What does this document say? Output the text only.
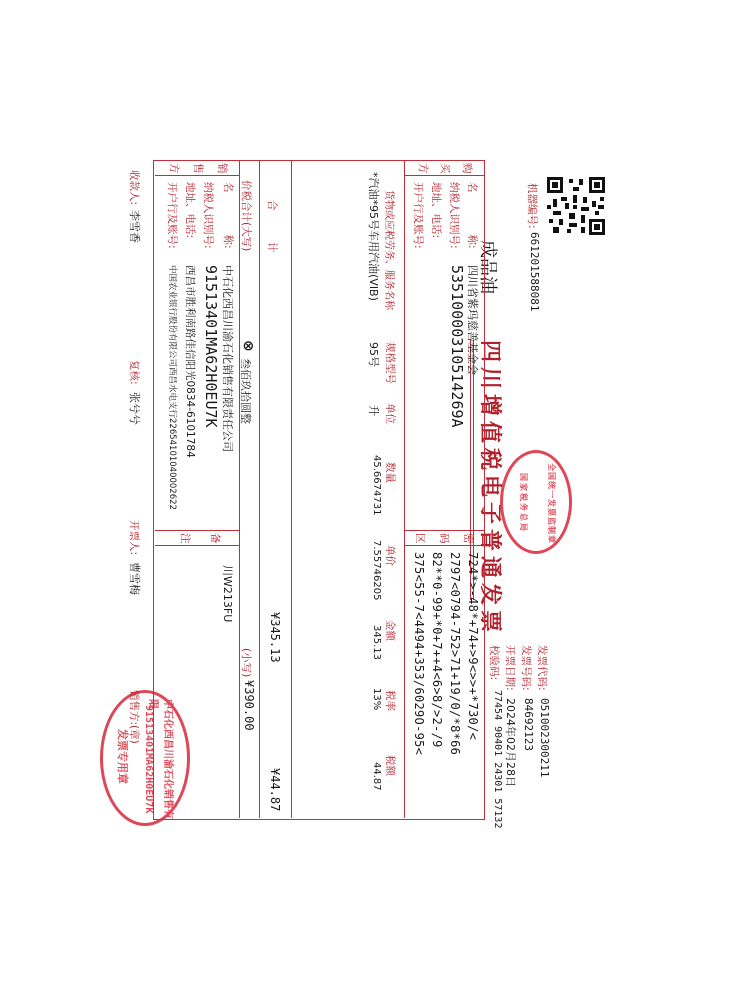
机器编号:
661201588081
成品油
四川增值税电子普通发票	全国统一发票监制章
国家税务总局
发票代码:
051002300211
发票号码:
84692123
开票日期:
2024年02月28日
校验码:
77454 90401 24301 57132
购买方
名　　　　称:
四川省紫玛慈善基金会
纳税人识别号:
53510000310514269A
地址、电话:
开户行及账号:
密码区
724*>-48*+74+>9<>>+*730/<
2797<0794-752>71+19/0/*8*66
82**0-99+*0+7++4<6>8/>2-/9
375<55-7<4494+353/6029O-95<
货物或应税劳务、服务名称
规格型号
单位
数量
单价
金额
税率
税额
*汽油*95号车用汽油(VIB)
95号
升
45.6674731
7.55746205
345.13
13%
44.87
合　　　计
¥345.13
¥44.87
价税合计(大写)
⊗
叁佰玖拾圆整
(小写)
¥390.00
销售方
名　　　　称:
中石化西昌川渝石化销售有限责任公司
纳税人识别号:
91513401MA62H0EU7K
地址、电话:
西昌市胜利南路佳信阳光0834-6101784
开户行及账号:
中国农业银行股份有限公司西昌水电支行22654101040002622
备注
川W213FU
中石化西昌川渝石化销售有限
91513401MA62H0EU7K
发票专用章
收款人:
李雪香
复核:
张兮兮
开票人:
曹雪梅
销售方:(章)
